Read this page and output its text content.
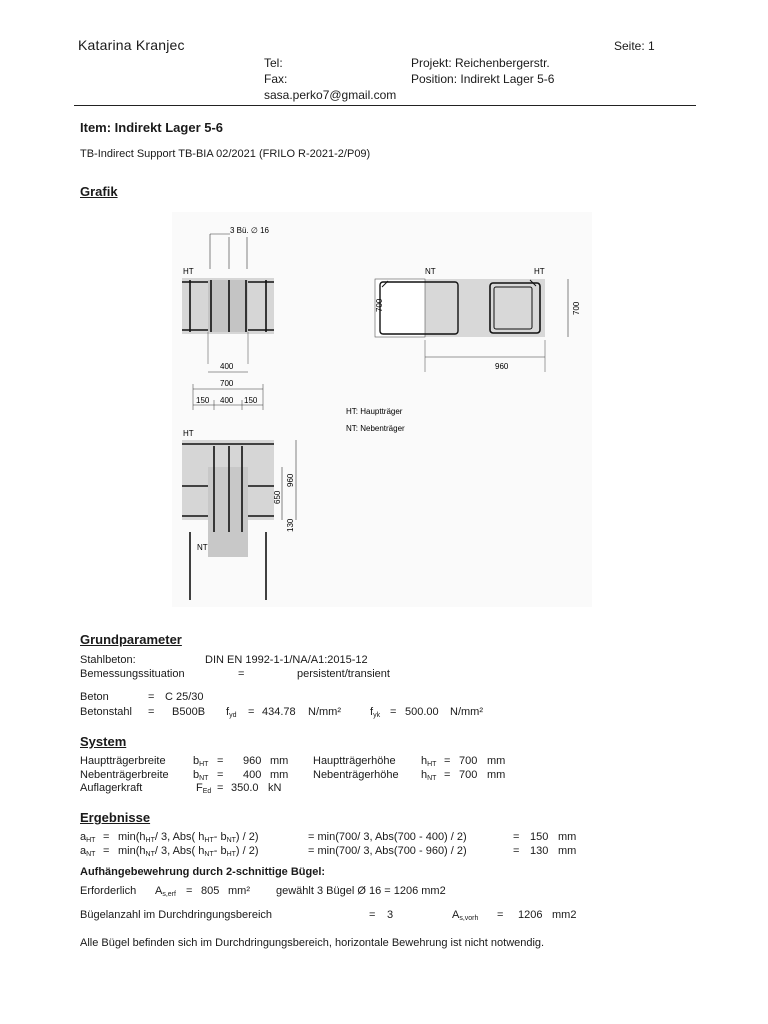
Katarina Kranjec	Seite: 1
Tel:
Fax:
sasa.perko7@gmail.com
Projekt: Reichenbergerstr.
Position: Indirekt Lager 5-6
Item: Indirekt Lager 5-6
TB-Indirect Support TB-BIA 02/2021 (FRILO R-2021-2/P09)
Grafik
3 Bü. ∅ 16
HT
400
700
150 400 150
NT	HT
700	700
960
HT: Hauptträger
NT: Nebenträger
HT
NT
960
650
130
Grundparameter
Stahlbeton:	DIN EN 1992-1-1/NA/A1:2015-12
Bemessungssituation	=	persistent/transient
Beton	= C 25/30
Betonstahl = B500B $f_{yd} = 434.78$ N/mm²	$f_{yk} = 500.00$ N/mm²
System
Hauptträgerbreite $b_{HT} = 960$ mm Hauptträgerhöhe $h_{HT} = 700$ mm
Nebenträgerbreite $b_{NT} = 400$ mm Nebenträgerhöhe $h_{NT} = 700$ mm
Auflagerkraft	$F_{Ed} = 350.0$ kN
Ergebnisse
$a_{HT} = \min(h_{HT}/$ 3, Abs( $h_{HT}-$ $b_{NT}) / 2$)	= min(700/ 3, Abs(700 - 400) / 2)	= 150 mm
$a_{NT} = \min(h_{NT}/$ 3, Abs( $h_{NT}-$ $b_{HT}) / 2$)	= min(700/ 3, Abs(700 - 960) / 2)	= 130 mm
Aufhängebewehrung durch 2-schnittige Bügel:
Erforderlich $A_{s,erf} = 805$ mm² gewählt 3 Bügel Ø 16 = 1206 mm2
Bügelanzahl im Durchdringungsbereich	= 3	$A_{s,vorh} = 1206$ mm2
Alle Bügel befinden sich im Durchdringungsbereich, horizontale Bewehrung ist nicht notwendig.
